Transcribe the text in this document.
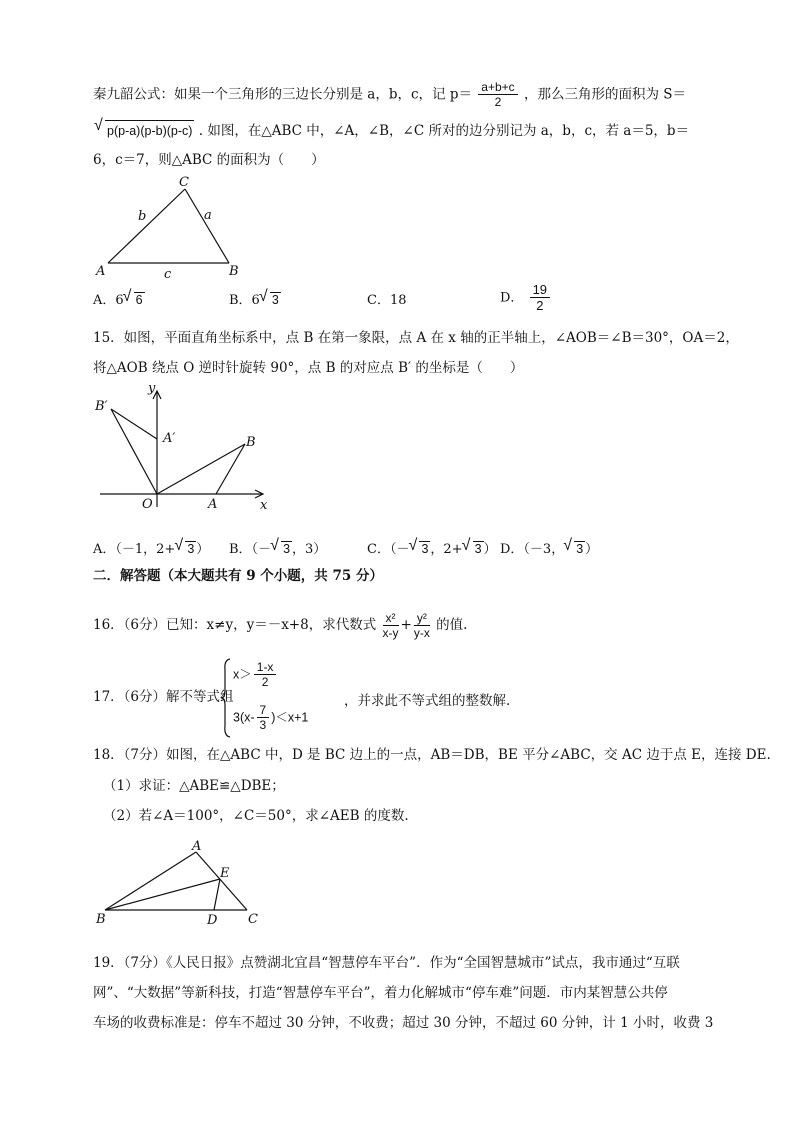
秦九韶公式：如果一个三角形的三边长分别是 a，b，c，记 $p= \frac{a+b+c}{2}$ ，那么三角形的面积为 S＝
√ p(p-a)(p-b)(p-c) . 如图，在△ABC 中，∠A，∠B，∠C 所对的边分别记为 a，b，c，若 a＝5，b＝
6，c＝7，则△ABC 的面积为（　　）
C
A	B
a
b
c
A．6 √ 6	B．6 √ 3	C．18	D． $\frac{19}{2}$
15．如图，平面直角坐标系中，点 B 在第一象限，点 A 在 x 轴的正半轴上，∠AOB＝∠B＝30°，OA＝2，
将△AOB 绕点 O 逆时针旋转 90°，点 B 的对应点 B′ 的坐标是（　　）
y
x
O	A
B
A′
B′
A．（－1，2+ √ 3 ） B．（－ √ 3 ，3）	C．（－ √ 3 ，2+ √ 3 ） D．（－3， √ 3 ）
二．解答题（本大题共有 9 个小题，共 75 分）
16．（6分）已知：x≠y，y＝－x+8，求代数式 $\frac{\text{x²}}{x-y} + \frac{\text{y²}}{y-x}$ 的值.
17．（6分）解不等式组
$x> \frac{1-x}{2}$
$3(x- \frac{7}{3} )<x+1$
，并求此不等式组的整数解.
18．（7分）如图，在△ABC 中，D 是 BC 边上的一点，AB＝DB，BE 平分∠ABC，交 AC 边于点 E，连接 DE.
（1）求证：△ABE≌△DBE；
（2）若∠A＝100°，∠C＝50°，求∠AEB 的度数.
A
B	C
D
E
19．（7分）《人民日报》点赞湖北宜昌“智慧停车平台”．作为“全国智慧城市”试点，我市通过“互联
网”、“大数据”等新科技，打造“智慧停车平台”，着力化解城市“停车难”问题．市内某智慧公共停
车场的收费标准是：停车不超过 30 分钟，不收费；超过 30 分钟，不超过 60 分钟，计 1 小时，收费 3
